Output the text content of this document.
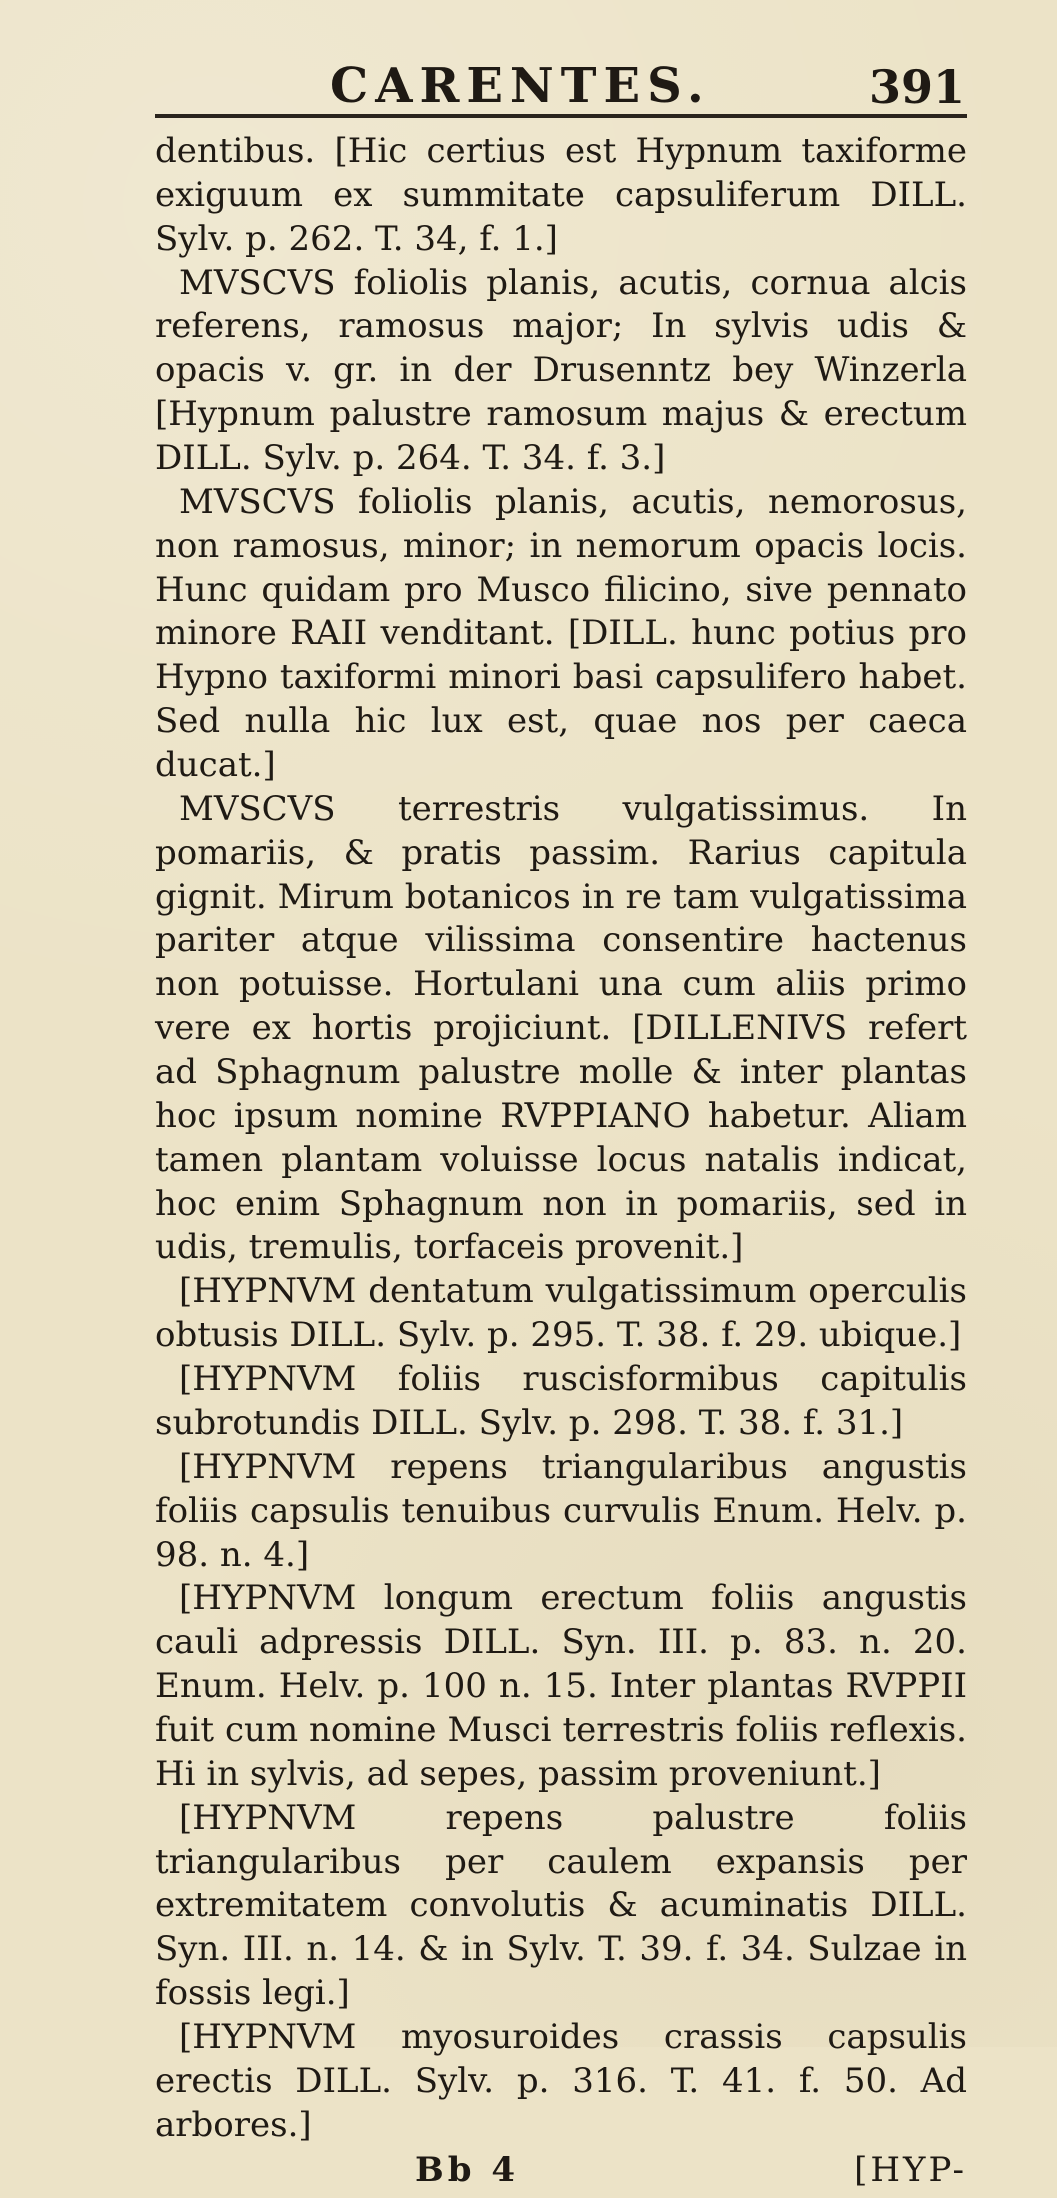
CARENTES.	391

dentibus. [Hic certius est Hypnum taxiforme exiguum ex summitate capsuliferum DILL. Sylv. p. 262. T. 34, f. 1.]

MVSCVS foliolis planis, acutis, cornua alcis referens, ramosus major; In sylvis udis & opacis v. gr. in der Drusenntz bey Winzerla [Hypnum palustre ramosum majus & erectum DILL. Sylv. p. 264. T. 34. f. 3.]

MVSCVS foliolis planis, acutis, nemorosus, non ramosus, minor; in nemorum opacis locis. Hunc quidam pro Musco filicino, sive pennato minore RAII venditant. [DILL. hunc potius pro Hypno taxiformi minori basi capsulifero habet. Sed nulla hic lux est, quae nos per caeca ducat.]

MVSCVS terrestris vulgatissimus. In pomariis, & pratis passim. Rarius capitula gignit. Mirum botanicos in re tam vulgatissima pariter atque vilissima consentire hactenus non potuisse. Hortulani una cum aliis primo vere ex hortis projiciunt. [DILLENIVS refert ad Sphagnum palustre molle & inter plantas hoc ipsum nomine RVPPIANO habetur. Aliam tamen plantam voluisse locus natalis indicat, hoc enim Sphagnum non in pomariis, sed in udis, tremulis, torfaceis provenit.]

[HYPNVM dentatum vulgatissimum operculis obtusis DILL. Sylv. p. 295. T. 38. f. 29. ubique.]

[HYPNVM foliis ruscisformibus capitulis subrotundis DILL. Sylv. p. 298. T. 38. f. 31.]

[HYPNVM repens triangularibus angustis foliis capsulis tenuibus curvulis Enum. Helv. p. 98. n. 4.]

[HYPNVM longum erectum foliis angustis cauli adpressis DILL. Syn. III. p. 83. n. 20. Enum. Helv. p. 100 n. 15. Inter plantas RVPPII fuit cum nomine Musci terrestris foliis reflexis. Hi in sylvis, ad sepes, passim proveniunt.]

[HYPNVM repens palustre foliis triangularibus per caulem expansis per extremitatem convolutis & acuminatis DILL. Syn. III. n. 14. & in Sylv. T. 39. f. 34. Sulzae in fossis legi.]

[HYPNVM myosuroides crassis capsulis erectis DILL. Sylv. p. 316. T. 41. f. 50. Ad arbores.]

Bb 4	[HYP-
